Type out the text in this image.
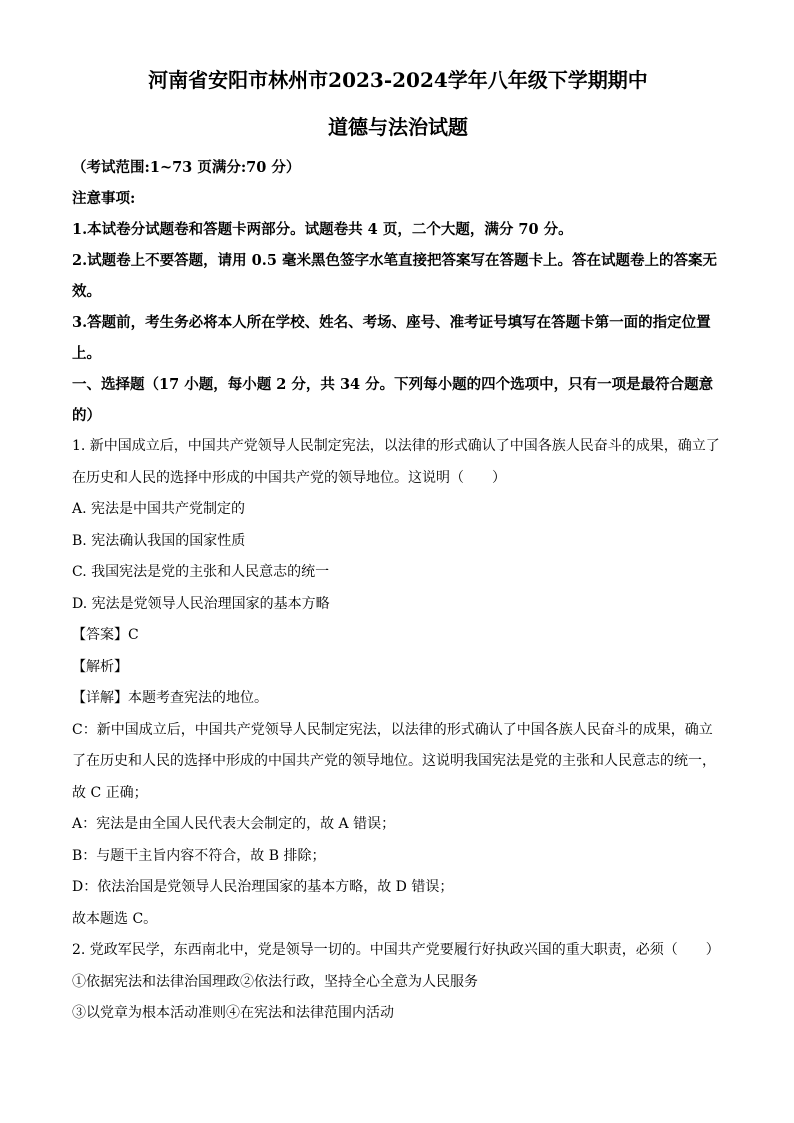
河南省安阳市林州市2023-2024学年八年级下学期期中

道德与法治试题

（考试范围:1~73 页满分:70 分）

注意事项:

1.本试卷分试题卷和答题卡两部分。试题卷共 4 页，二个大题，满分 70 分。

2.试题卷上不要答题，请用 0.5 毫米黑色签字水笔直接把答案写在答题卡上。答在试题卷上的答案无效。

3.答题前，考生务必将本人所在学校、姓名、考场、座号、准考证号填写在答题卡第一面的指定位置上。

一、选择题（17 小题，每小题 2 分，共 34 分。下列每小题的四个选项中，只有一项是最符合题意的）

1. 新中国成立后，中国共产党领导人民制定宪法，以法律的形式确认了中国各族人民奋斗的成果，确立了在历史和人民的选择中形成的中国共产党的领导地位。这说明（　　）

A. 宪法是中国共产党制定的

B. 宪法确认我国的国家性质

C. 我国宪法是党的主张和人民意志的统一

D. 宪法是党领导人民治理国家的基本方略

【答案】C

【解析】

【详解】本题考查宪法的地位。

C：新中国成立后，中国共产党领导人民制定宪法，以法律的形式确认了中国各族人民奋斗的成果，确立了在历史和人民的选择中形成的中国共产党的领导地位。这说明我国宪法是党的主张和人民意志的统一，故 C 正确；

A：宪法是由全国人民代表大会制定的，故 A 错误；

B：与题干主旨内容不符合，故 B 排除；

D：依法治国是党领导人民治理国家的基本方略，故 D 错误；

故本题选 C。

2. 党政军民学，东西南北中，党是领导一切的。中国共产党要履行好执政兴国的重大职责，必须（　　）

①依据宪法和法律治国理政②依法行政，坚持全心全意为人民服务

③以党章为根本活动准则④在宪法和法律范围内活动
